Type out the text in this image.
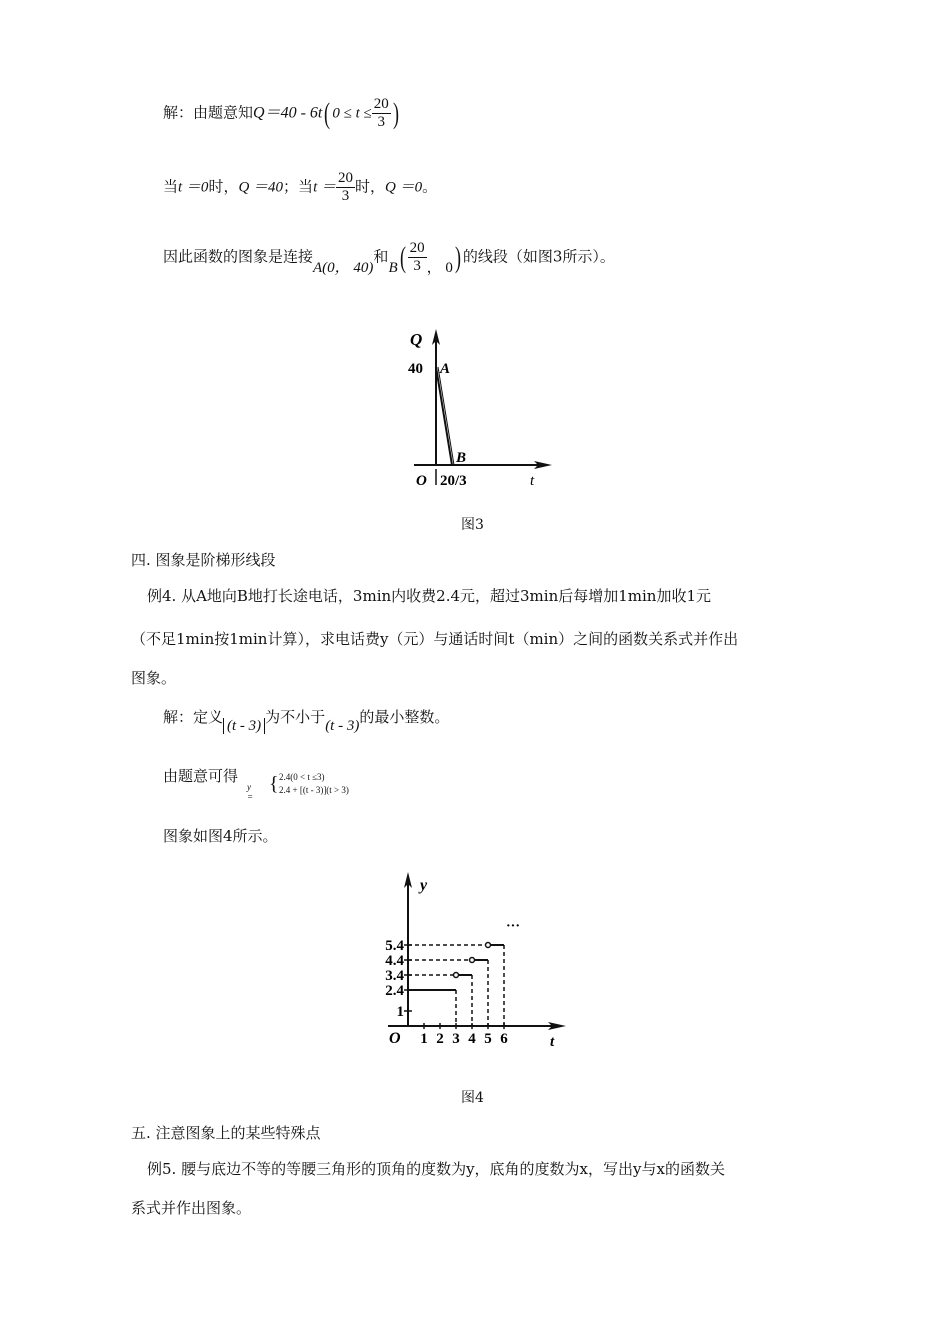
解：由题意知Q＝40 - 6t( $0 \le t \le \frac{20}{3}$ )
当t ＝0时，Q ＝40；当$t = \frac{20}{3}$ 时，Q ＝0。
因此函数的图象是连接A(0， 40)和$B( \frac{20}{3}$ ， 0) 的线段（如图3所示）。
Q
40 A
B
O 20/3	t
图3
四. 图象是阶梯形线段
例4. 从A地向B地打长途电话，3min内收费2.4元，超过3min后每增加1min加收1元
（不足1min按1min计算），求电话费y（元）与通话时间t（min）之间的函数关系式并作出
图象。
解：定义 (t - 3) 为不小于(t - 3)的最小整数。
由题意可得
y =
{ 2.4(0 < t ≤3)
2.4 + [(t - 3)](t > 3)
图象如图4所示。
5.4
4.4
3.4
2.4
1
1 2 3 4 5 6
y
t
O
···
图4
五. 注意图象上的某些特殊点
例5. 腰与底边不等的等腰三角形的顶角的度数为y，底角的度数为x，写出y与x的函数关
系式并作出图象。
